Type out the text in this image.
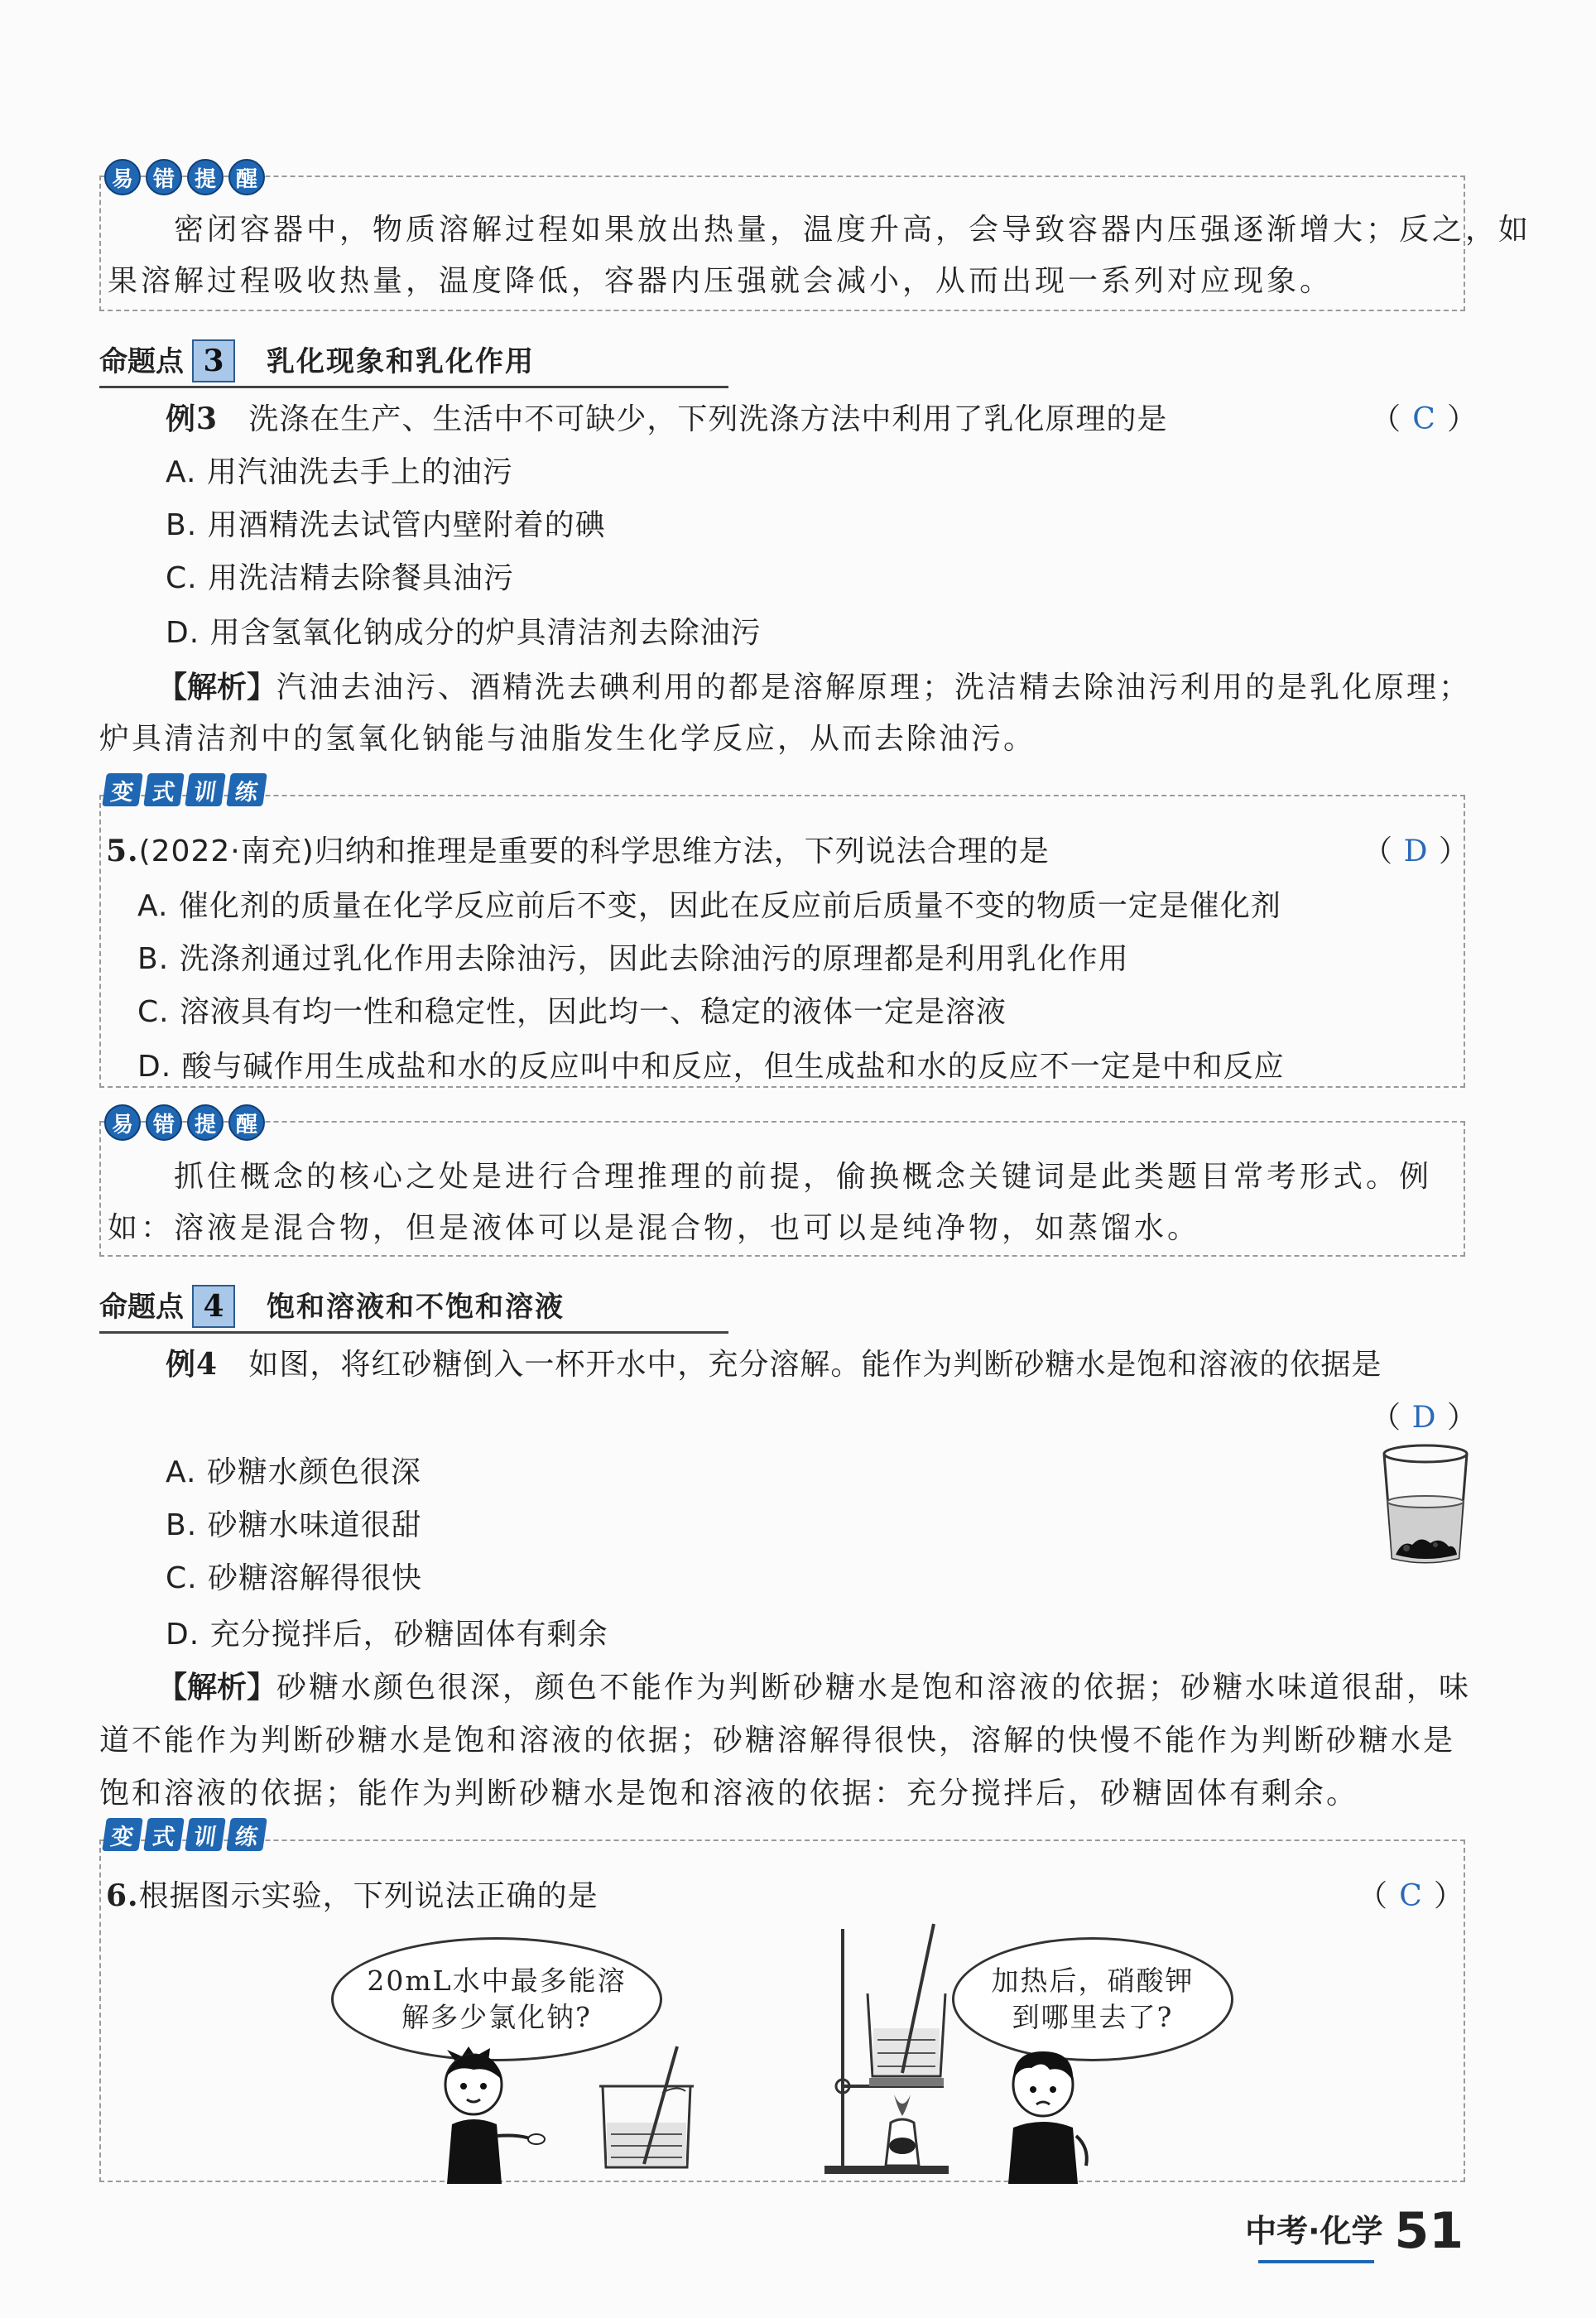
易 错 提 醒
　　密闭容器中，物质溶解过程如果放出热量，温度升高，会导致容器内压强逐渐增大；反之，如
果溶解过程吸收热量，温度降低，容器内压强就会减小，从而出现一系列对应现象。
命题点 3	乳化现象和乳化作用
例3 洗涤在生产、生活中不可缺少，下列洗涤方法中利用了乳化原理的是	（ C ）
A. 用汽油洗去手上的油污
B. 用酒精洗去试管内壁附着的碘
C. 用洗洁精去除餐具油污
D. 用含氢氧化钠成分的炉具清洁剂去除油污
【解析】汽油去油污、酒精洗去碘利用的都是溶解原理；洗洁精去除油污利用的是乳化原理；
炉具清洁剂中的氢氧化钠能与油脂发生化学反应，从而去除油污。
变 式 训 练
5.(2022·南充)归纳和推理是重要的科学思维方法，下列说法合理的是	（ D ）
A. 催化剂的质量在化学反应前后不变，因此在反应前后质量不变的物质一定是催化剂
B. 洗涤剂通过乳化作用去除油污，因此去除油污的原理都是利用乳化作用
C. 溶液具有均一性和稳定性，因此均一、稳定的液体一定是溶液
D. 酸与碱作用生成盐和水的反应叫中和反应，但生成盐和水的反应不一定是中和反应
易 错 提 醒
　　抓住概念的核心之处是进行合理推理的前提，偷换概念关键词是此类题目常考形式。例
如：溶液是混合物，但是液体可以是混合物，也可以是纯净物，如蒸馏水。
命题点 4	饱和溶液和不饱和溶液
例4 如图，将红砂糖倒入一杯开水中，充分溶解。能作为判断砂糖水是饱和溶液的依据是
（ D ）
A. 砂糖水颜色很深
B. 砂糖水味道很甜
C. 砂糖溶解得很快
D. 充分搅拌后，砂糖固体有剩余
【解析】砂糖水颜色很深，颜色不能作为判断砂糖水是饱和溶液的依据；砂糖水味道很甜，味
道不能作为判断砂糖水是饱和溶液的依据；砂糖溶解得很快，溶解的快慢不能作为判断砂糖水是
饱和溶液的依据；能作为判断砂糖水是饱和溶液的依据：充分搅拌后，砂糖固体有剩余。
变 式 训 练
6.根据图示实验，下列说法正确的是	（ C ）
20mL水中最多能溶
解多少氯化钠?
加热后，硝酸钾
到哪里去了?
中考·化学 51
